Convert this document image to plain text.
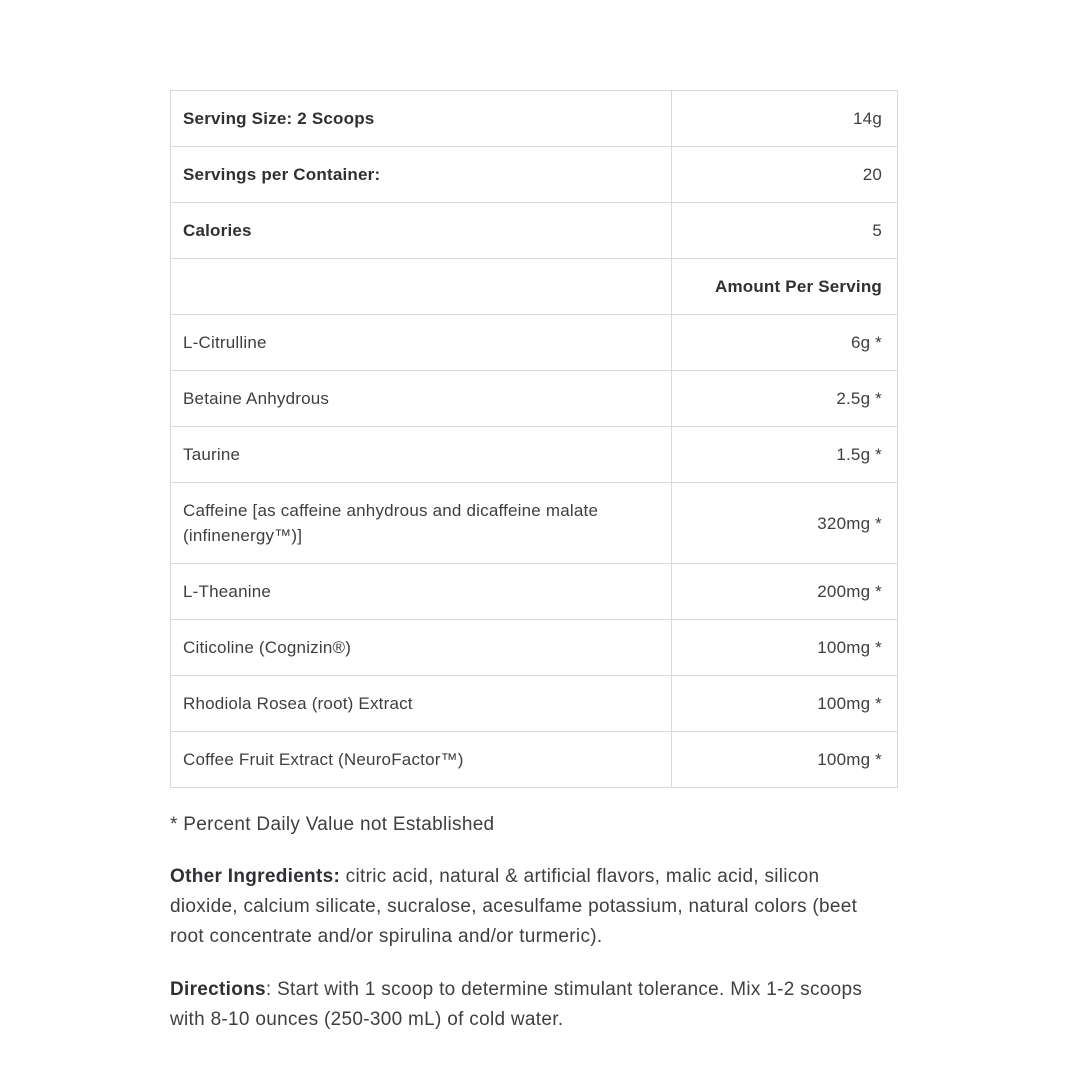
Serving Size: 2 Scoops	14g
Servings per Container:	20
Calories	5
	Amount Per Serving
L-Citrulline	6g *
Betaine Anhydrous	2.5g *
Taurine	1.5g *
Caffeine [as caffeine anhydrous and dicaffeine malate (infinenergy™)]	320mg *
L-Theanine	200mg *
Citicoline (Cognizin®)	100mg *
Rhodiola Rosea (root) Extract	100mg *
Coffee Fruit Extract (NeuroFactor™)	100mg *

* Percent Daily Value not Established

Other Ingredients: citric acid, natural & artificial flavors, malic acid, silicon dioxide, calcium silicate, sucralose, acesulfame potassium, natural colors (beet root concentrate and/or spirulina and/or turmeric).

Directions: Start with 1 scoop to determine stimulant tolerance. Mix 1-2 scoops with 8-10 ounces (250-300 mL) of cold water.
